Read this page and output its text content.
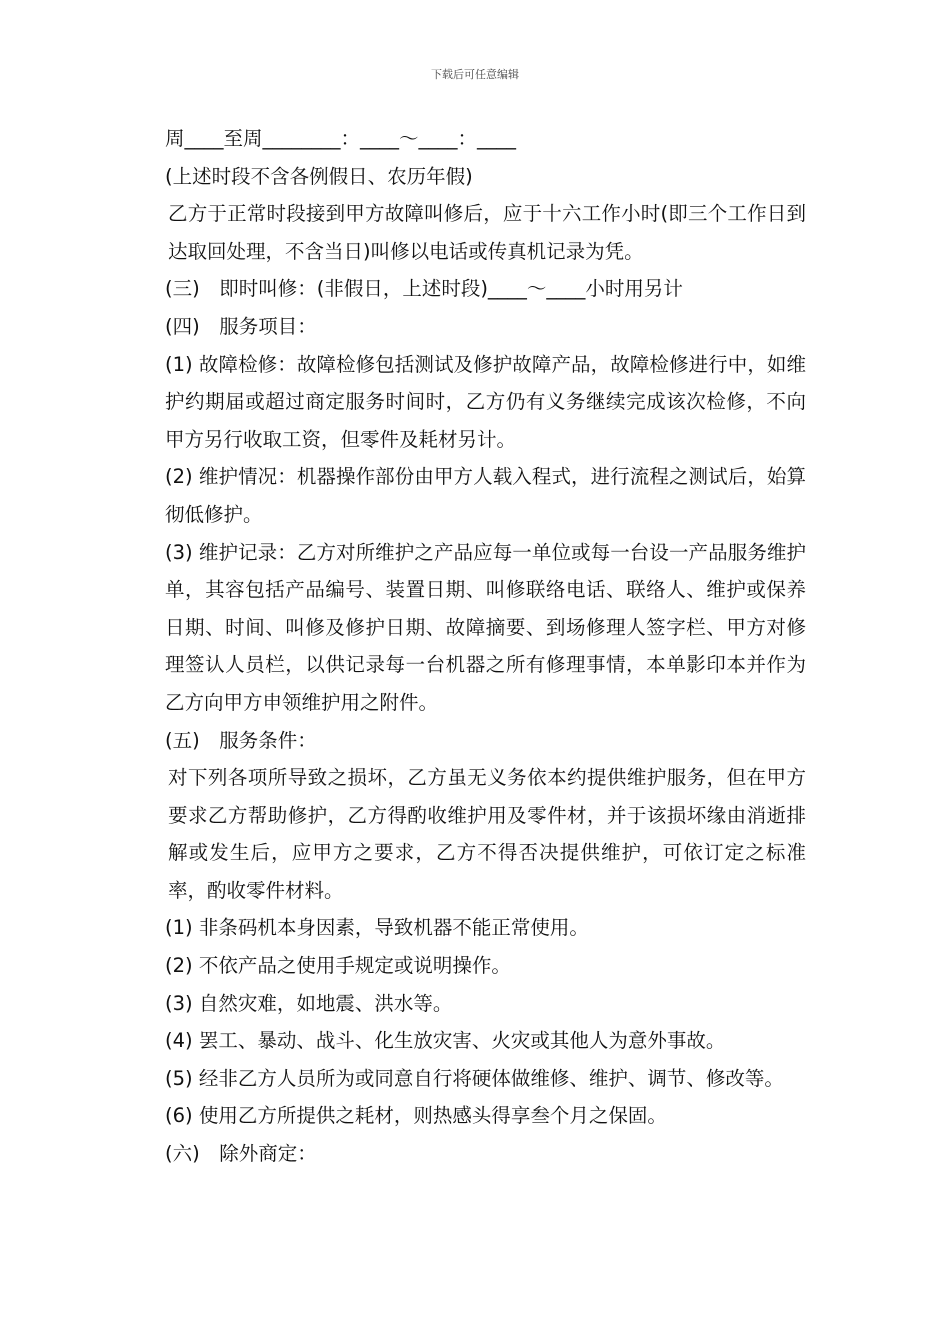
下载后可任意编辑

周____至周________：____～____：____

(上述时段不含各例假日、农历年假)

乙方于正常时段接到甲方故障叫修后，应于十六工作小时(即三个工作日到达取回处理，不含当日)叫修以电话或传真机记录为凭。

(三)　即时叫修：(非假日，上述时段)____～____小时用另计

(四)　服务项目：

(1) 故障检修：故障检修包括测试及修护故障产品，故障检修进行中，如维护约期届或超过商定服务时间时，乙方仍有义务继续完成该次检修，不向甲方另行收取工资，但零件及耗材另计。

(2) 维护情况：机器操作部份由甲方人载入程式，进行流程之测试后，始算彻低修护。

(3) 维护记录：乙方对所维护之产品应每一单位或每一台设一产品服务维护单，其容包括产品编号、装置日期、叫修联络电话、联络人、维护或保养日期、时间、叫修及修护日期、故障摘要、到场修理人签字栏、甲方对修理签认人员栏，以供记录每一台机器之所有修理事情，本单影印本并作为乙方向甲方申领维护用之附件。

(五)　服务条件：

对下列各项所导致之损坏，乙方虽无义务依本约提供维护服务，但在甲方要求乙方帮助修护，乙方得酌收维护用及零件材，并于该损坏缘由消逝排解或发生后，应甲方之要求，乙方不得否决提供维护，可依订定之标准率，酌收零件材料。

(1) 非条码机本身因素，导致机器不能正常使用。

(2) 不依产品之使用手规定或说明操作。

(3) 自然灾难，如地震、洪水等。

(4) 罢工、暴动、战斗、化生放灾害、火灾或其他人为意外事故。

(5) 经非乙方人员所为或同意自行将硬体做维修、维护、调节、修改等。

(6) 使用乙方所提供之耗材，则热感头得享叁个月之保固。

(六)　除外商定：
